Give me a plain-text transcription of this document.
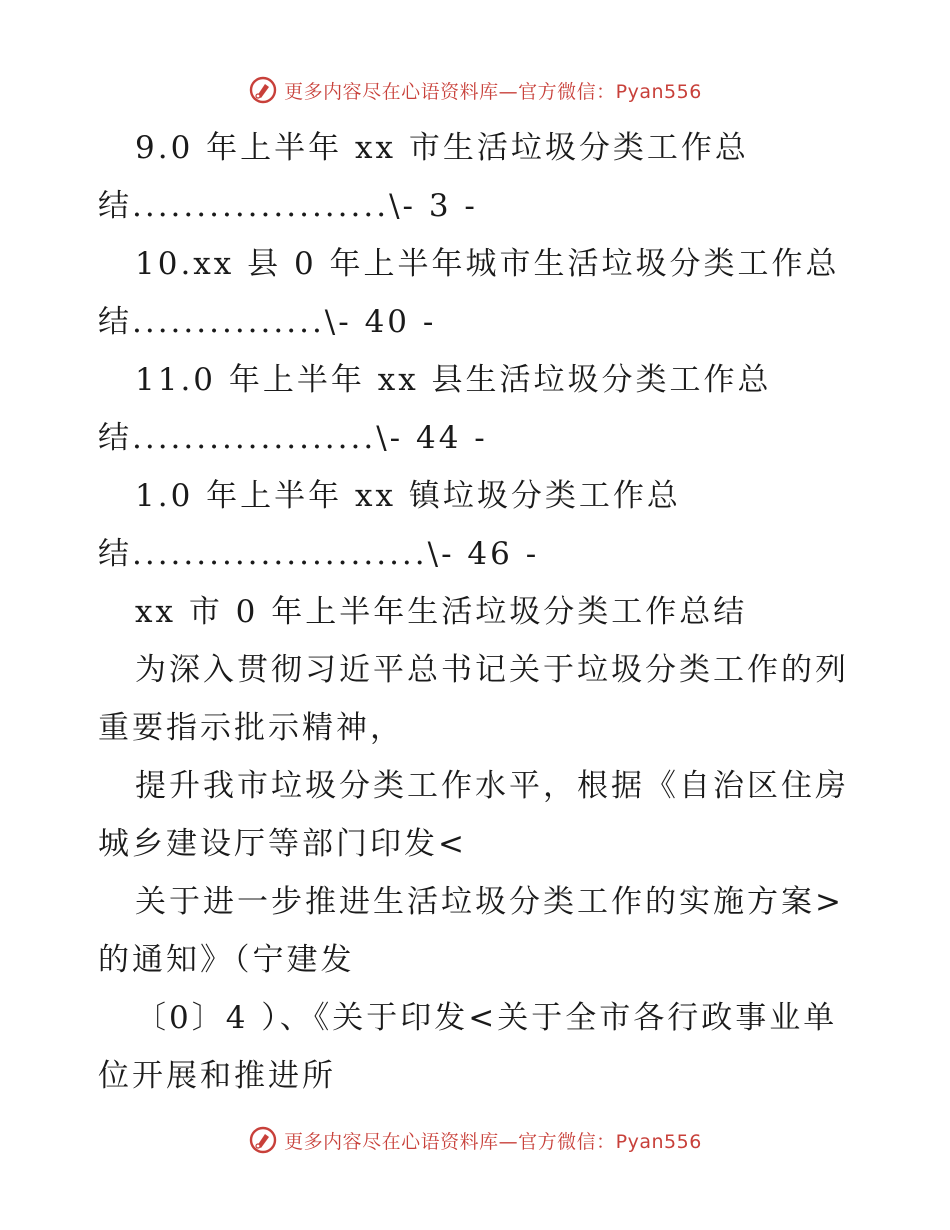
更多内容尽在心语资料库—官方微信：Pyan556
9.0 年上半年 xx 市生活垃圾分类工作总
结....................\- 3 -
10.xx 县 0 年上半年城市生活垃圾分类工作总
结...............\- 40 -
11.0 年上半年 xx 县生活垃圾分类工作总
结...................\- 44 -
1.0 年上半年 xx 镇垃圾分类工作总
结.......................\- 46 -
xx 市 0 年上半年生活垃圾分类工作总结
为深入贯彻习近平总书记关于垃圾分类工作的列
重要指示批示精神，
提升我市垃圾分类工作水平，根据《自治区住房
城乡建设厅等部门印发<
关于进一步推进生活垃圾分类工作的实施方案>
的通知》（宁建发
〔0〕4 ）、《关于印发<关于全市各行政事业单
位开展和推进所
更多内容尽在心语资料库—官方微信：Pyan556
